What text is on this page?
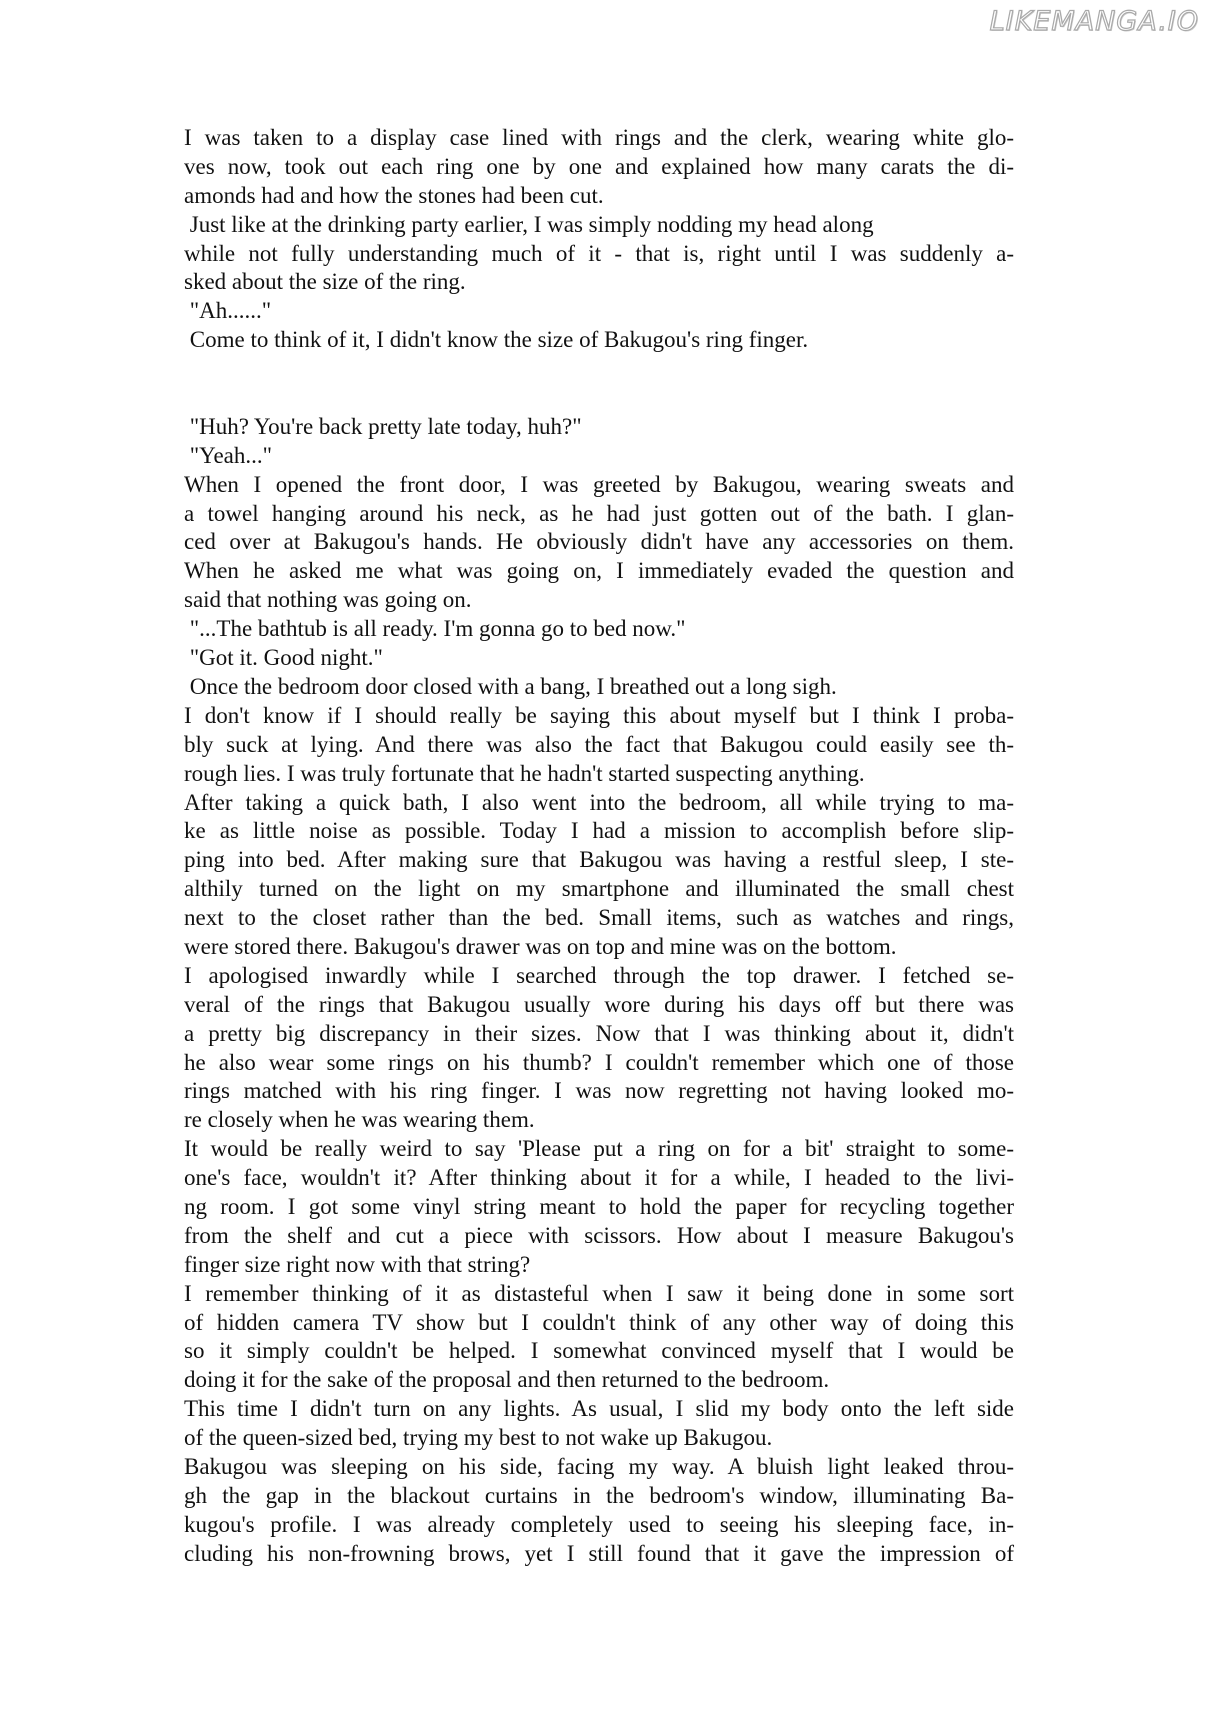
LIKEMANGA.IO
I was taken to a display case lined with rings and the clerk, wearing white glo-
ves now, took out each ring one by one and explained how many carats the di-
amonds had and how the stones had been cut.
Just like at the drinking party earlier, I was simply nodding my head along
while not fully understanding much of it - that is, right until I was suddenly a-
sked about the size of the ring.
"Ah......"
Come to think of it, I didn't know the size of Bakugou's ring finger.
"Huh? You're back pretty late today, huh?"
"Yeah..."
When I opened the front door, I was greeted by Bakugou, wearing sweats and
a towel hanging around his neck, as he had just gotten out of the bath. I glan-
ced over at Bakugou's hands. He obviously didn't have any accessories on them.
When he asked me what was going on, I immediately evaded the question and
said that nothing was going on.
"...The bathtub is all ready. I'm gonna go to bed now."
"Got it. Good night."
Once the bedroom door closed with a bang, I breathed out a long sigh.
I don't know if I should really be saying this about myself but I think I proba-
bly suck at lying. And there was also the fact that Bakugou could easily see th-
rough lies. I was truly fortunate that he hadn't started suspecting anything.
After taking a quick bath, I also went into the bedroom, all while trying to ma-
ke as little noise as possible. Today I had a mission to accomplish before slip-
ping into bed. After making sure that Bakugou was having a restful sleep, I ste-
althily turned on the light on my smartphone and illuminated the small chest
next to the closet rather than the bed. Small items, such as watches and rings,
were stored there. Bakugou's drawer was on top and mine was on the bottom.
I apologised inwardly while I searched through the top drawer. I fetched se-
veral of the rings that Bakugou usually wore during his days off but there was
a pretty big discrepancy in their sizes. Now that I was thinking about it, didn't
he also wear some rings on his thumb? I couldn't remember which one of those
rings matched with his ring finger. I was now regretting not having looked mo-
re closely when he was wearing them.
It would be really weird to say 'Please put a ring on for a bit' straight to some-
one's face, wouldn't it? After thinking about it for a while, I headed to the livi-
ng room. I got some vinyl string meant to hold the paper for recycling together
from the shelf and cut a piece with scissors. How about I measure Bakugou's
finger size right now with that string?
I remember thinking of it as distasteful when I saw it being done in some sort
of hidden camera TV show but I couldn't think of any other way of doing this
so it simply couldn't be helped. I somewhat convinced myself that I would be
doing it for the sake of the proposal and then returned to the bedroom.
This time I didn't turn on any lights. As usual, I slid my body onto the left side
of the queen-sized bed, trying my best to not wake up Bakugou.
Bakugou was sleeping on his side, facing my way. A bluish light leaked throu-
gh the gap in the blackout curtains in the bedroom's window, illuminating Ba-
kugou's profile. I was already completely used to seeing his sleeping face, in-
cluding his non-frowning brows, yet I still found that it gave the impression of
